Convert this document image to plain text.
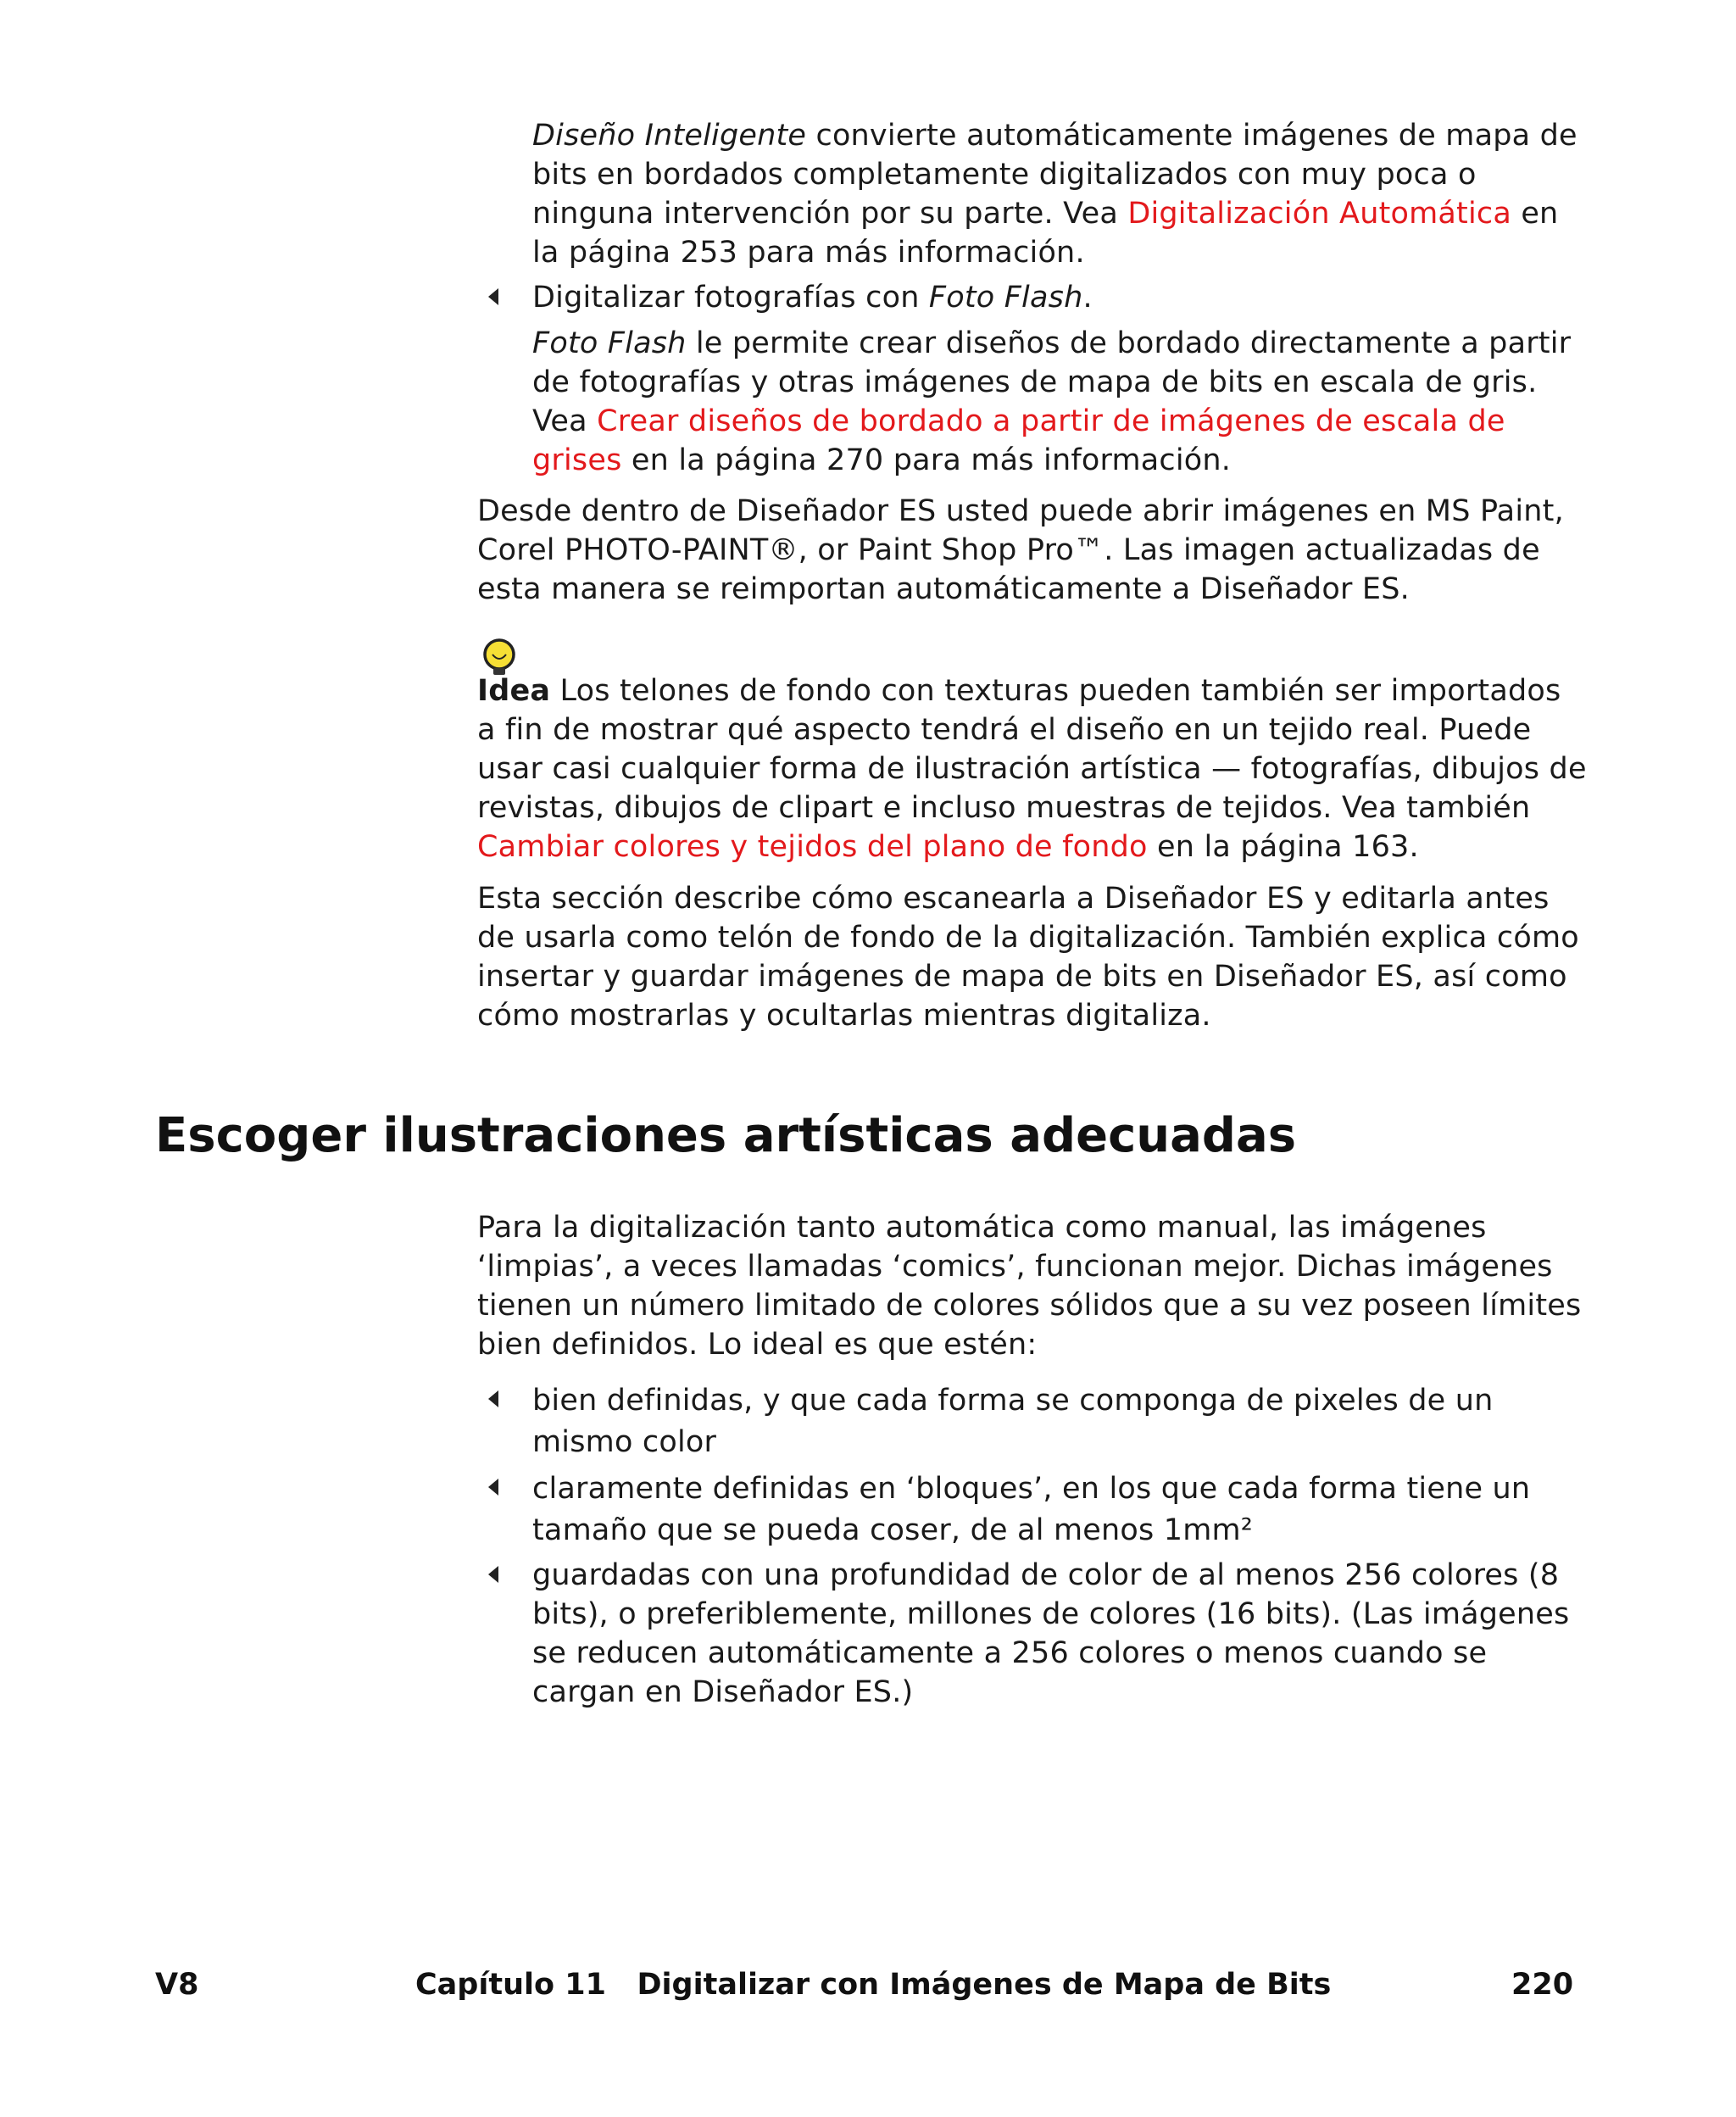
Diseño Inteligente convierte automáticamente imágenes de mapa de bits en bordados completamente digitalizados con muy poca o ninguna intervención por su parte. Vea Digitalización Automática en la página 253 para más información.

Digitalizar fotografías con Foto Flash.

Foto Flash le permite crear diseños de bordado directamente a partir de fotografías y otras imágenes de mapa de bits en escala de gris. Vea Crear diseños de bordado a partir de imágenes de escala de grises en la página 270 para más información.

Desde dentro de Diseñador ES usted puede abrir imágenes en MS Paint, Corel PHOTO-PAINT®, or Paint Shop Pro™. Las imagen actualizadas de esta manera se reimportan automáticamente a Diseñador ES.

Idea Los telones de fondo con texturas pueden también ser importados a fin de mostrar qué aspecto tendrá el diseño en un tejido real. Puede usar casi cualquier forma de ilustración artística — fotografías, dibujos de revistas, dibujos de clipart e incluso muestras de tejidos. Vea también Cambiar colores y tejidos del plano de fondo en la página 163.

Esta sección describe cómo escanearla a Diseñador ES y editarla antes de usarla como telón de fondo de la digitalización. También explica cómo insertar y guardar imágenes de mapa de bits en Diseñador ES, así como cómo mostrarlas y ocultarlas mientras digitaliza.

Escoger ilustraciones artísticas adecuadas

Para la digitalización tanto automática como manual, las imágenes ‘limpias’, a veces llamadas ‘comics’, funcionan mejor. Dichas imágenes tienen un número limitado de colores sólidos que a su vez poseen límites bien definidos. Lo ideal es que estén:

bien definidas, y que cada forma se componga de pixeles de un mismo color

claramente definidas en ‘bloques’, en los que cada forma tiene un tamaño que se pueda coser, de al menos 1mm²

guardadas con una profundidad de color de al menos 256 colores (8 bits), o preferiblemente, millones de colores (16 bits). (Las imágenes se reducen automáticamente a 256 colores o menos cuando se cargan en Diseñador ES.)

V8	Capítulo 11   Digitalizar con Imágenes de Mapa de Bits	220
